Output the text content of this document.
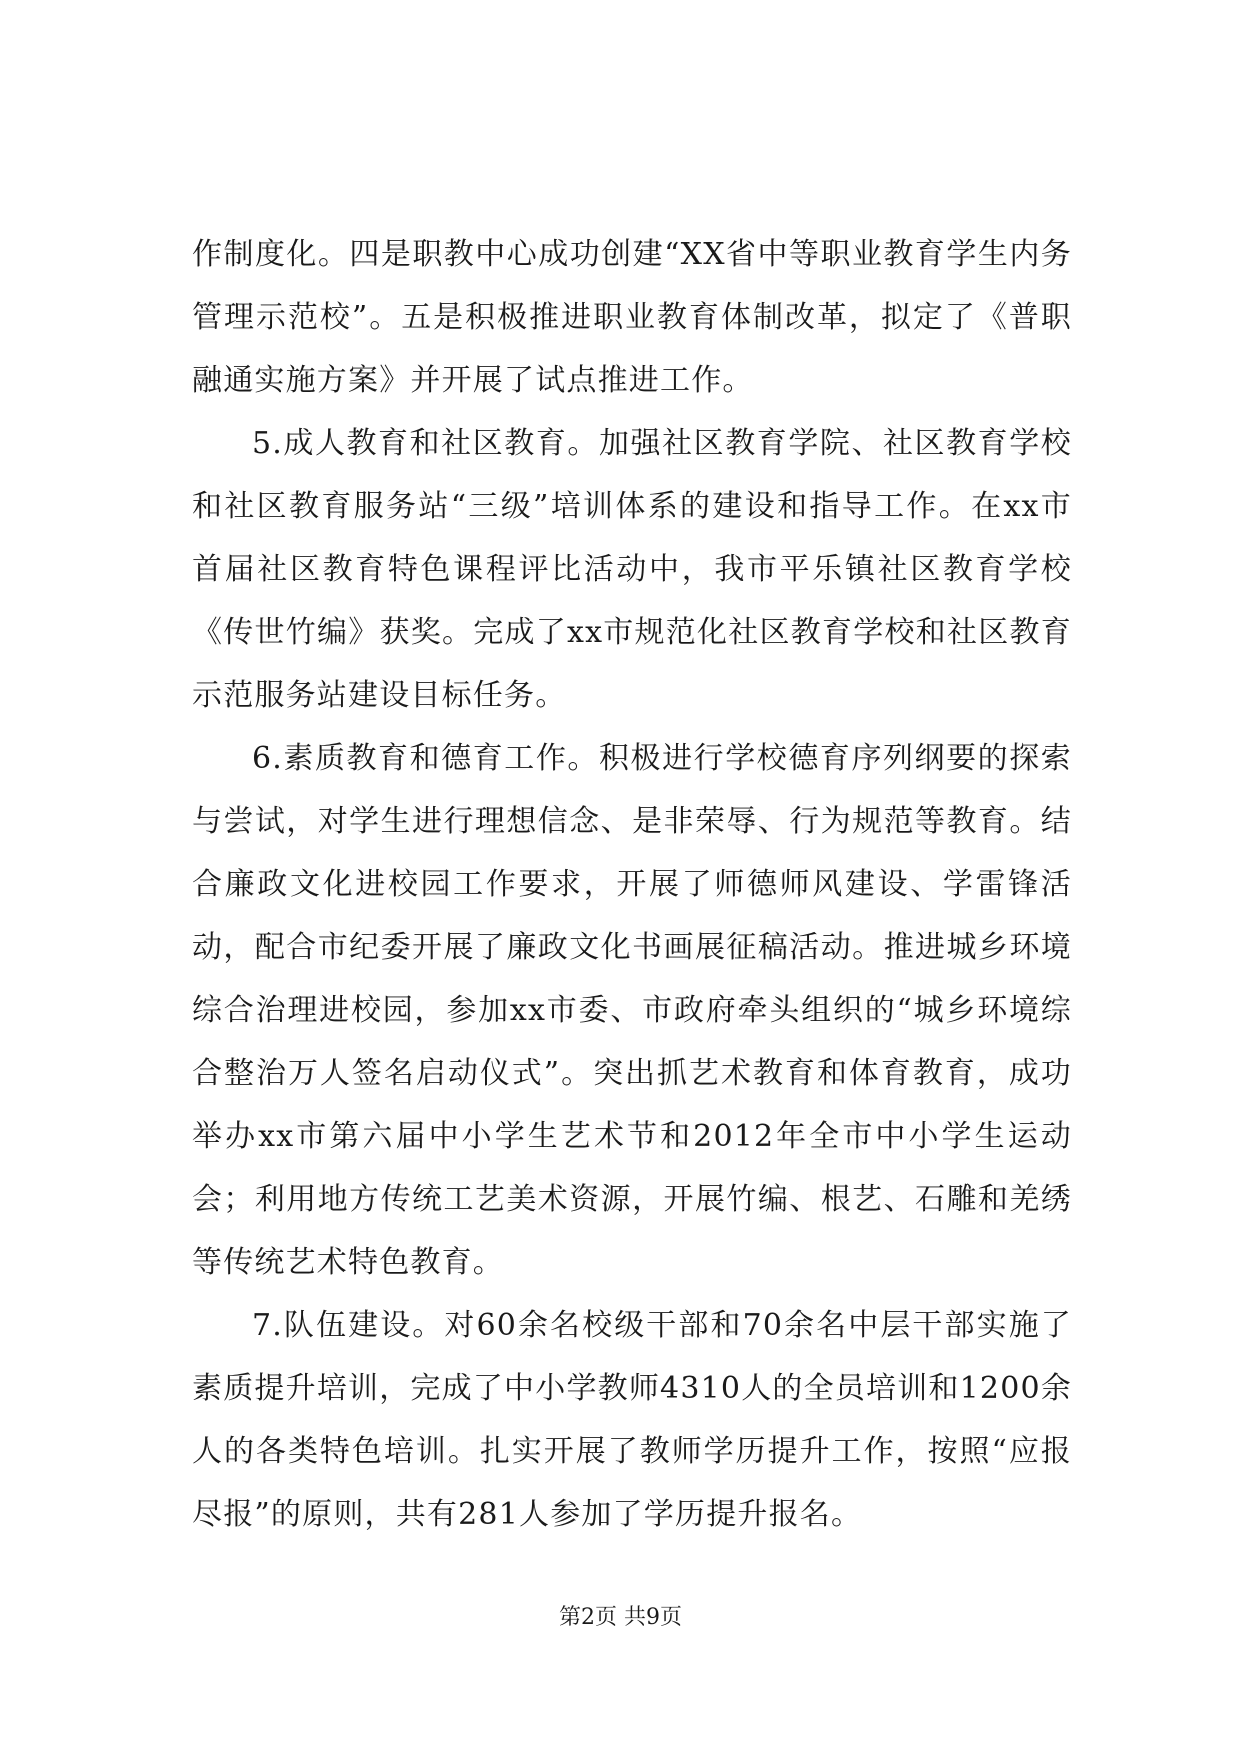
作制度化。四是职教中心成功创建“XX省中等职业教育学生内务管理示范校”。五是积极推进职业教育体制改革，拟定了《普职融通实施方案》并开展了试点推进工作。

5.成人教育和社区教育。加强社区教育学院、社区教育学校和社区教育服务站“三级”培训体系的建设和指导工作。在xx市首届社区教育特色课程评比活动中，我市平乐镇社区教育学校《传世竹编》获奖。完成了xx市规范化社区教育学校和社区教育示范服务站建设目标任务。

6.素质教育和德育工作。积极进行学校德育序列纲要的探索与尝试，对学生进行理想信念、是非荣辱、行为规范等教育。结合廉政文化进校园工作要求，开展了师德师风建设、学雷锋活动，配合市纪委开展了廉政文化书画展征稿活动。推进城乡环境综合治理进校园，参加xx市委、市政府牵头组织的“城乡环境综合整治万人签名启动仪式”。突出抓艺术教育和体育教育，成功举办xx市第六届中小学生艺术节和2012年全市中小学生运动会；利用地方传统工艺美术资源，开展竹编、根艺、石雕和羌绣等传统艺术特色教育。

7.队伍建设。对60余名校级干部和70余名中层干部实施了素质提升培训，完成了中小学教师4310人的全员培训和1200余人的各类特色培训。扎实开展了教师学历提升工作，按照“应报尽报”的原则，共有281人参加了学历提升报名。

第2页 共9页
